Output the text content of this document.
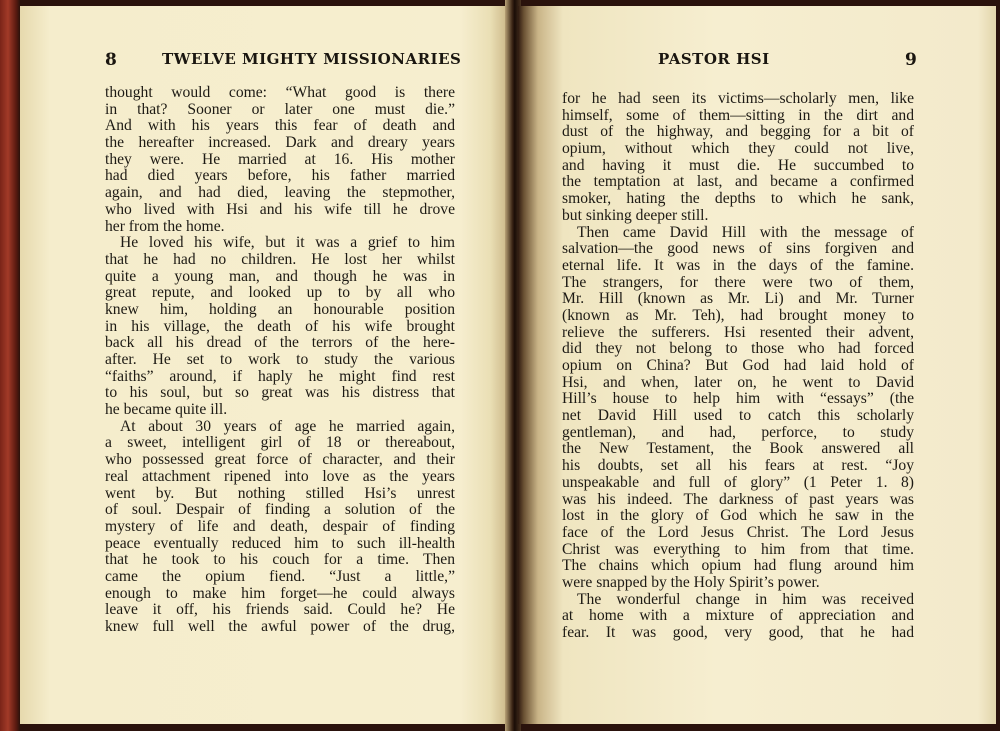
8	TWELVE MIGHTY MISSIONARIES
thought would come: “What good is there
in that? Sooner or later one must die.”
And with his years this fear of death and
the hereafter increased. Dark and dreary years
they were. He married at 16. His mother
had died years before, his father married
again, and had died, leaving the stepmother,
who lived with Hsi and his wife till he drove
her from the home.
He loved his wife, but it was a grief to him
that he had no children. He lost her whilst
quite a young man, and though he was in
great repute, and looked up to by all who
knew him, holding an honourable position
in his village, the death of his wife brought
back all his dread of the terrors of the here-
after. He set to work to study the various
“faiths” around, if haply he might find rest
to his soul, but so great was his distress that
he became quite ill.
At about 30 years of age he married again,
a sweet, intelligent girl of 18 or thereabout,
who possessed great force of character, and their
real attachment ripened into love as the years
went by. But nothing stilled Hsi’s unrest
of soul. Despair of finding a solution of the
mystery of life and death, despair of finding
peace eventually reduced him to such ill-health
that he took to his couch for a time. Then
came the opium fiend. “Just a little,”
enough to make him forget—he could always
leave it off, his friends said. Could he? He
knew full well the awful power of the drug,
PASTOR HSI	9
for he had seen its victims—scholarly men, like
himself, some of them—sitting in the dirt and
dust of the highway, and begging for a bit of
opium, without which they could not live,
and having it must die. He succumbed to
the temptation at last, and became a confirmed
smoker, hating the depths to which he sank,
but sinking deeper still.
Then came David Hill with the message of
salvation—the good news of sins forgiven and
eternal life. It was in the days of the famine.
The strangers, for there were two of them,
Mr. Hill (known as Mr. Li) and Mr. Turner
(known as Mr. Teh), had brought money to
relieve the sufferers. Hsi resented their advent,
did they not belong to those who had forced
opium on China? But God had laid hold of
Hsi, and when, later on, he went to David
Hill’s house to help him with “essays” (the
net David Hill used to catch this scholarly
gentleman), and had, perforce, to study
the New Testament, the Book answered all
his doubts, set all his fears at rest. “Joy
unspeakable and full of glory” (1 Peter 1. 8)
was his indeed. The darkness of past years was
lost in the glory of God which he saw in the
face of the Lord Jesus Christ. The Lord Jesus
Christ was everything to him from that time.
The chains which opium had flung around him
were snapped by the Holy Spirit’s power.
The wonderful change in him was received
at home with a mixture of appreciation and
fear. It was good, very good, that he had
